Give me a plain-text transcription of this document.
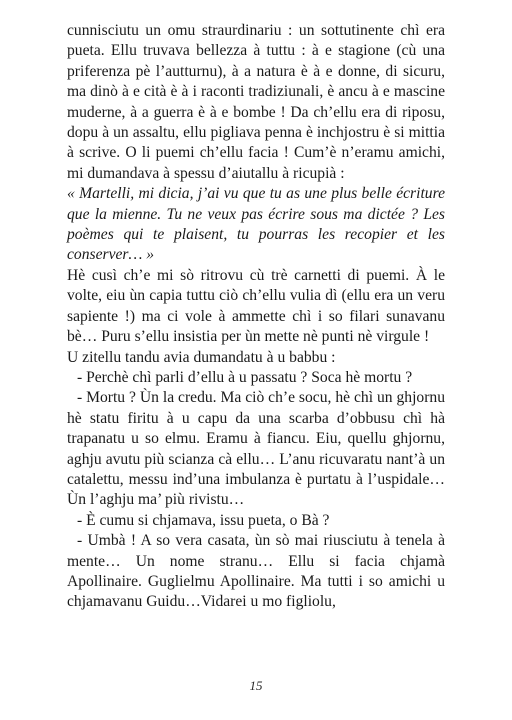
cunnisciutu un omu straurdinariu : un sottutinente chì era pueta. Ellu truvava bellezza à tuttu : à e stagione (cù una priferenza pè l’autturnu), à a natura è à e donne, di sicuru, ma dinò à e cità è à i raconti tradiziunali, è ancu à e mascine muderne, à a guerra è à e bombe ! Da ch’ellu era di riposu, dopu à un assaltu, ellu pigliava penna è inchjostru è si mittia à scrive. O li puemi ch’ellu facia ! Cum’è n’eramu amichi, mi dumandava à spessu d’aiutallu à ricupià :

« Martelli, mi dicia, j’ai vu que tu as une plus belle écriture que la mienne. Tu ne veux pas écrire sous ma dictée ? Les poèmes qui te plaisent, tu pourras les recopier et les conserver… »

Hè cusì ch’e mi sò ritrovu cù trè carnetti di puemi. À le volte, eiu ùn capia tuttu ciò ch’ellu vulia dì (ellu era un veru sapiente !) ma ci vole à ammette chì i so filari sunavanu bè… Puru s’ellu insistia per ùn mette nè punti nè virgule !

U zitellu tandu avia dumandatu à u babbu :

- Perchè chì parli d’ellu à u passatu ? Soca hè mortu ?

- Mortu ? Ùn la credu. Ma ciò ch’e socu, hè chì un ghjornu hè statu firitu à u capu da una scarba d’obbusu chì hà trapanatu u so elmu. Eramu à fiancu. Eiu, quellu ghjornu, aghju avutu più scianza cà ellu… L’anu ricuvaratu nant’à un catalettu, messu ind’una imbulanza è purtatu à l’uspidale…Ùn l’aghju ma’ più rivistu…

- È cumu si chjamava, issu pueta, o Bà ?

- Umbà ! A so vera casata, ùn sò mai riusciutu à tenela à mente… Un nome stranu… Ellu si facia chjamà Apollinaire. Guglielmu Apollinaire. Ma tutti i so amichi u chjamavanu Guidu…Vidarei u mo figliolu,

15
